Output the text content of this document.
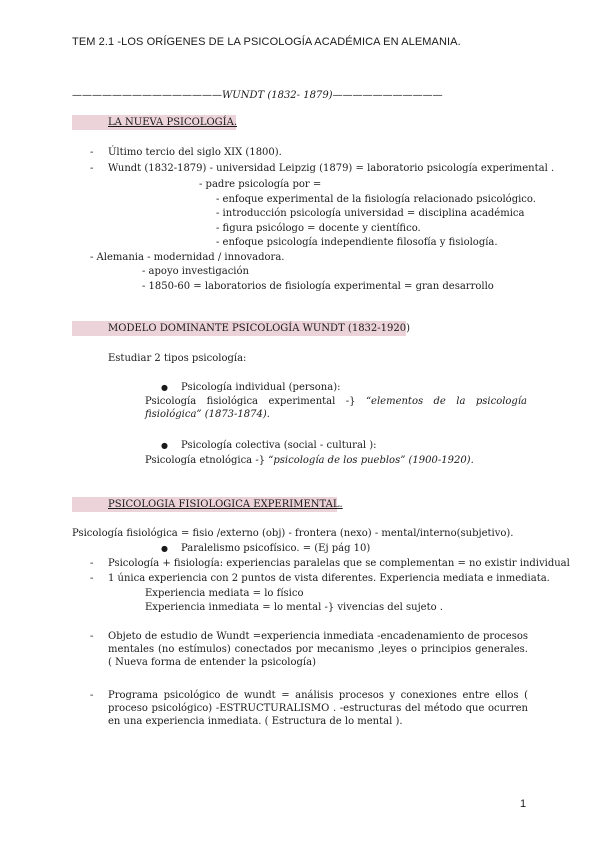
TEM 2.1 -LOS ORÍGENES DE LA PSICOLOGÍA ACADÉMICA EN ALEMANIA.
———————————————WUNDT (1832- 1879)———————————
LA NUEVA PSICOLOGÍA.
- Último tercio del siglo XIX (1800).
- Wundt (1832-1879) - universidad Leipzig (1879) = laboratorio psicología experimental .
- padre psicología por =
- enfoque experimental de la fisiología relacionado psicológico.
- introducción psicología universidad = disciplina académica
- figura psicólogo = docente y científico.
- enfoque psicología independiente filosofía y fisiología.
- Alemania - modernidad / innovadora.
- apoyo investigación
- 1850-60 = laboratorios de fisiología experimental = gran desarrollo
MODELO DOMINANTE PSICOLOGÍA WUNDT (1832-1920)
Estudiar 2 tipos psicología:
● Psicología individual (persona):
Psicología fisiológica experimental -} “elementos de la psicología fisiológica” (1873-1874).
● Psicología colectiva (social - cultural ):
Psicología etnológica -} “psicología de los pueblos” (1900-1920).
PSICOLOGIA FISIOLOGICA EXPERIMENTAL.
Psicología fisiológica = fisio /externo (obj) - frontera (nexo) - mental/interno(subjetivo).
● Paralelismo psicofísico. = (Ej pág 10)
- Psicología + fisiología: experiencias paralelas que se complementan = no existir individual
- 1 única experiencia con 2 puntos de vista diferentes. Experiencia mediata e inmediata.
Experiencia mediata = lo físico
Experiencia inmediata = lo mental -} vivencias del sujeto .
- Objeto de estudio de Wundt =experiencia inmediata -encadenamiento de procesos mentales (no estímulos) conectados por mecanismo ,leyes o principios generales. ( Nueva forma de entender la psicología)
- Programa psicológico de wundt = análisis procesos y conexiones entre ellos ( proceso psicológico) -ESTRUCTURALISMO . -estructuras del método que ocurren en una experiencia inmediata. ( Estructura de lo mental ).
1
